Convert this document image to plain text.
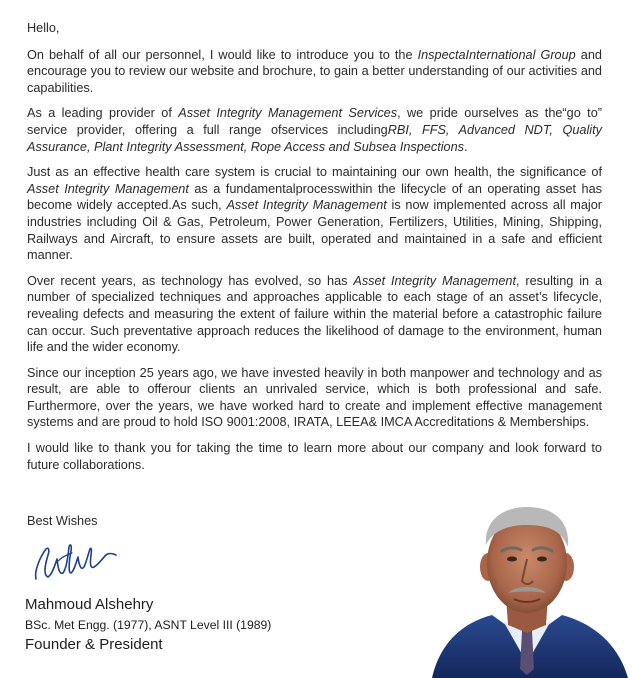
Hello,

On behalf of all our personnel, I would like to introduce you to the InspectaInternational Group and encourage you to review our website and brochure, to gain a better understanding of our activities and capabilities.

As a leading provider of Asset Integrity Management Services, we pride ourselves as the“go to” service provider, offering a full range ofservices includingRBI, FFS, Advanced NDT, Quality Assurance, Plant Integrity Assessment, Rope Access and Subsea Inspections.

Just as an effective health care system is crucial to maintaining our own health, the significance of Asset Integrity Management as a fundamentalprocesswithin the lifecycle of an operating asset has become widely accepted.As such, Asset Integrity Management is now implemented across all major industries including Oil & Gas, Petroleum, Power Generation, Fertilizers, Utilities, Mining, Shipping, Railways and Aircraft, to ensure assets are built, operated and maintained in a safe and efficient manner.

Over recent years, as technology has evolved, so has Asset Integrity Management, resulting in a number of specialized techniques and approaches applicable to each stage of an asset’s lifecycle, revealing defects and measuring the extent of failure within the material before a catastrophic failure can occur. Such preventative approach reduces the likelihood of damage to the environment, human life and the wider economy.

Since our inception 25 years ago, we have invested heavily in both manpower and technology and as result, are able to offerour clients an unrivaled service, which is both professional and safe. Furthermore, over the years, we have worked hard to create and implement effective management systems and are proud to hold ISO 9001:2008, IRATA, LEEA& IMCA Accreditations & Memberships.

I would like to thank you for taking the time to learn more about our company and look forward to future collaborations.

Best Wishes
Mahmoud Alshehry
BSc. Met Engg. (1977), ASNT Level III (1989)
Founder & President
